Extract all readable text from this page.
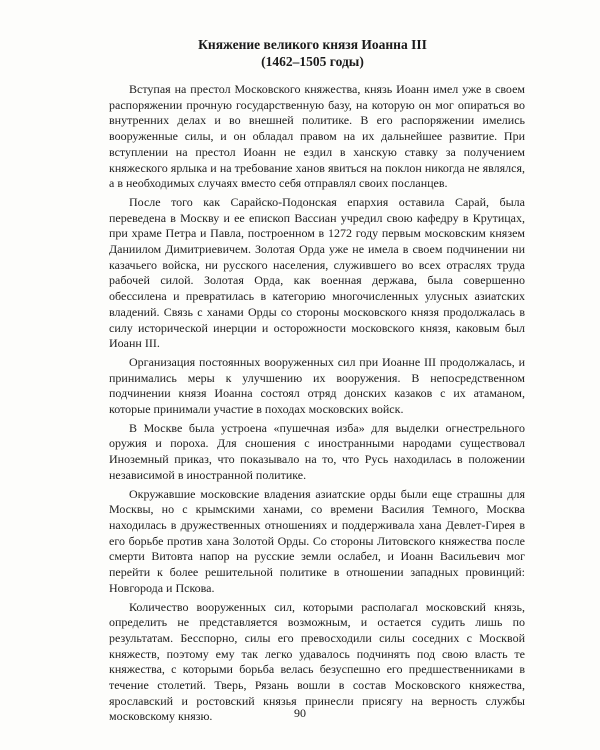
Княжение великого князя Иоанна III
(1462–1505 годы)

Вступая на престол Московского княжества, князь Иоанн имел уже в своем распоряжении прочную государственную базу, на которую он мог опираться во внутренних делах и во внешней политике. В его распоряжении имелись вооруженные силы, и он обладал правом на их дальнейшее развитие. При вступлении на престол Иоанн не ездил в ханскую ставку за получением княжеского ярлыка и на требование ханов явиться на поклон никогда не являлся, а в необходимых случаях вместо себя отправлял своих посланцев.

После того как Сарайско-Подонская епархия оставила Сарай, была переведена в Москву и ее епископ Вассиан учредил свою кафедру в Крутицах, при храме Петра и Павла, построенном в 1272 году первым московским князем Даниилом Димитриевичем. Золотая Орда уже не имела в своем подчинении ни казачьего войска, ни русского населения, служившего во всех отраслях труда рабочей силой. Золотая Орда, как военная держава, была совершенно обессилена и превратилась в категорию многочисленных улусных азиатских владений. Связь с ханами Орды со стороны московского князя продолжалась в силу исторической инерции и осторожности московского князя, каковым был Иоанн III.

Организация постоянных вооруженных сил при Иоанне III продолжалась, и принимались меры к улучшению их вооружения. В непосредственном подчинении князя Иоанна состоял отряд донских казаков с их атаманом, которые принимали участие в походах московских войск.

В Москве была устроена «пушечная изба» для выделки огнестрельного оружия и пороха. Для сношения с иностранными народами существовал Иноземный приказ, что показывало на то, что Русь находилась в положении независимой в иностранной политике.

Окружавшие московские владения азиатские орды были еще страшны для Москвы, но с крымскими ханами, со времени Василия Темного, Москва находилась в дружественных отношениях и поддерживала хана Девлет-Гирея в его борьбе против хана Золотой Орды. Со стороны Литовского княжества после смерти Витовта напор на русские земли ослабел, и Иоанн Васильевич мог перейти к более решительной политике в отношении западных провинций: Новгорода и Пскова.

Количество вооруженных сил, которыми располагал московский князь, определить не представляется возможным, и остается судить лишь по результатам. Бесспорно, силы его превосходили силы соседних с Москвой княжеств, поэтому ему так легко удавалось подчинять под свою власть те княжества, с которыми борьба велась безуспешно его предшественниками в течение столетий. Тверь, Рязань вошли в состав Московского княжества, ярославский и ростовский князья принесли присягу на верность службы московскому князю.	90
